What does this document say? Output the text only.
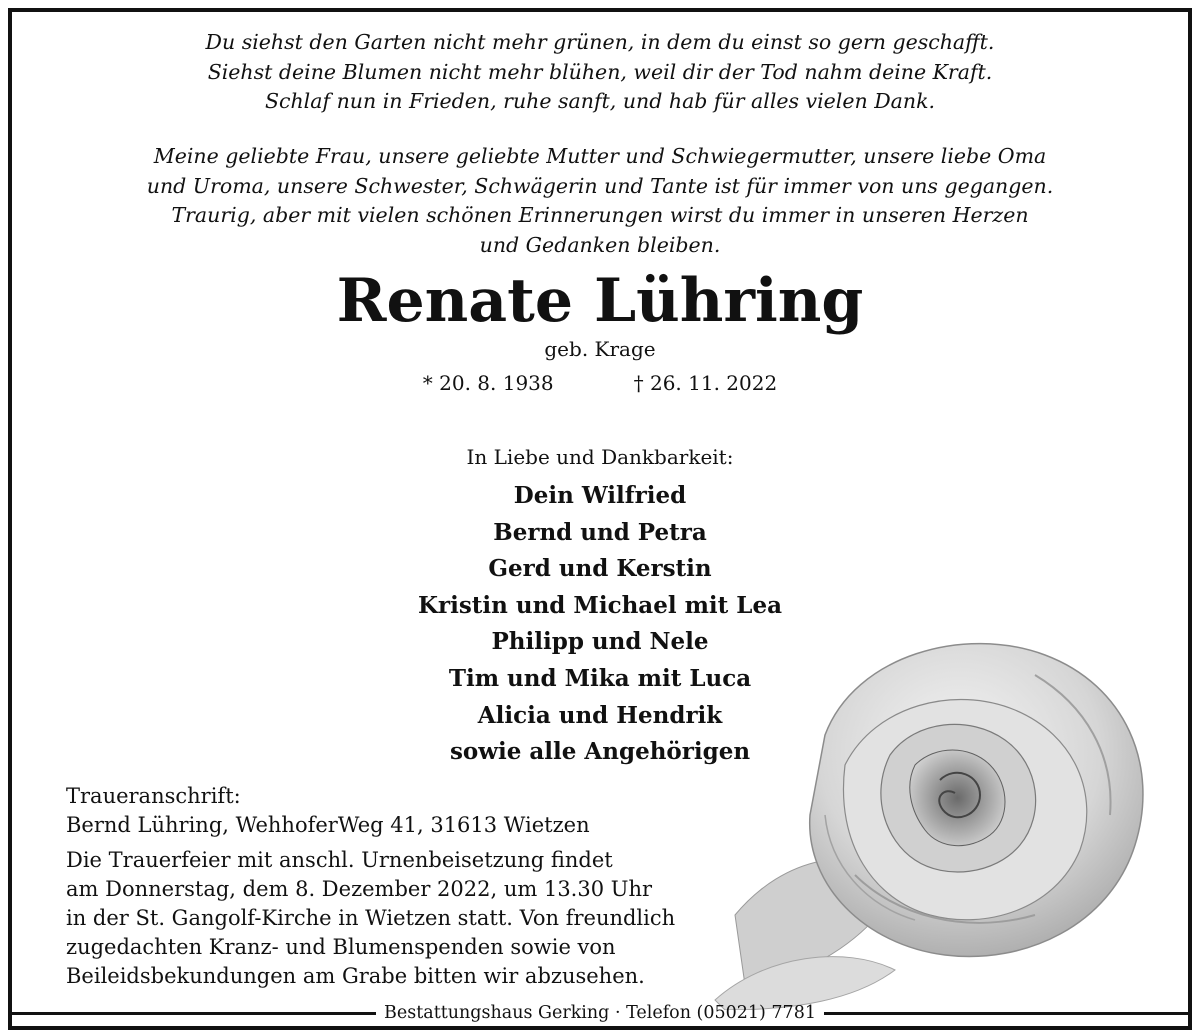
Du siehst den Garten nicht mehr grünen, in dem du einst so gern geschafft.
Siehst deine Blumen nicht mehr blühen, weil dir der Tod nahm deine Kraft.
Schlaf nun in Frieden, ruhe sanft, und hab für alles vielen Dank.
Meine geliebte Frau, unsere geliebte Mutter und Schwiegermutter, unsere liebe Oma
und Uroma, unsere Schwester, Schwägerin und Tante ist für immer von uns gegangen.
Traurig, aber mit vielen schönen Erinnerungen wirst du immer in unseren Herzen
und Gedanken bleiben.
Renate Lühring
geb. Krage
* 20. 8. 1938	† 26. 11. 2022
In Liebe und Dankbarkeit:
Dein Wilfried
Bernd und Petra
Gerd und Kerstin
Kristin und Michael mit Lea
Philipp und Nele
Tim und Mika mit Luca
Alicia und Hendrik
sowie alle Angehörigen
Traueranschrift:
Bernd Lühring, WehhoferWeg 41, 31613 Wietzen
Die Trauerfeier mit anschl. Urnenbeisetzung findet
am Donnerstag, dem 8. Dezember 2022, um 13.30 Uhr
in der St. Gangolf-Kirche in Wietzen statt. Von freundlich
zugedachten Kranz- und Blumenspenden sowie von
Beileidsbekundungen am Grabe bitten wir abzusehen.
Bestattungshaus Gerking · Telefon (05021) 7781
